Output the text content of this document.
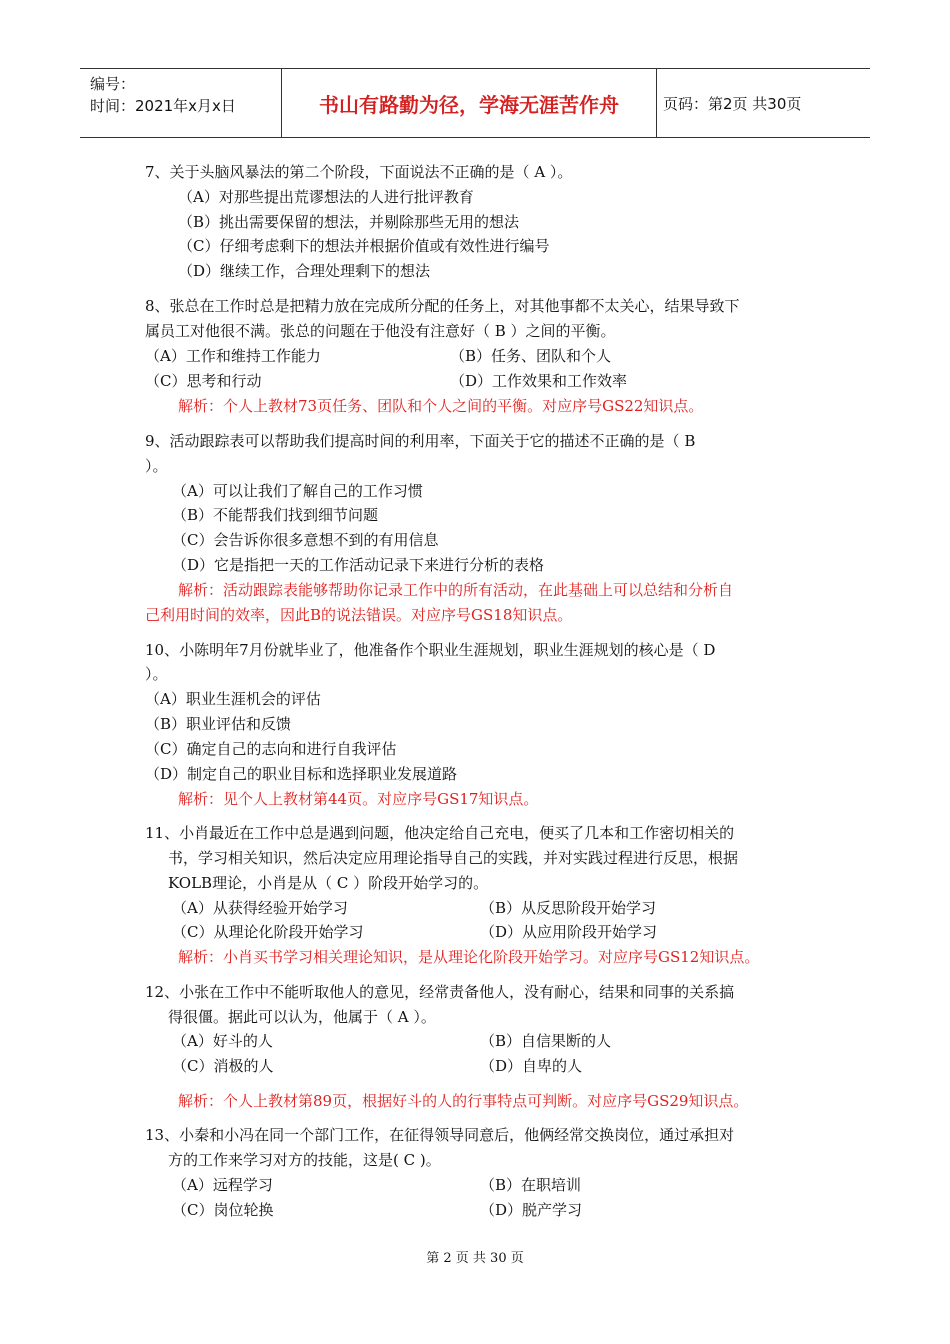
编号：
时间：2021年x月x日	书山有路勤为径，学海无涯苦作舟	页码：第2页 共30页
7、关于头脑风暴法的第二个阶段，下面说法不正确的是（ A ）。
（A）对那些提出荒谬想法的人进行批评教育
（B）挑出需要保留的想法，并剔除那些无用的想法
（C）仔细考虑剩下的想法并根据价值或有效性进行编号
（D）继续工作，合理处理剩下的想法
8、张总在工作时总是把精力放在完成所分配的任务上，对其他事都不太关心，结果导致下
属员工对他很不满。张总的问题在于他没有注意好（ B ）之间的平衡。
（A）工作和维持工作能力	（B）任务、团队和个人
（C）思考和行动	（D）工作效果和工作效率
解析：个人上教材73页任务、团队和个人之间的平衡。对应序号GS22知识点。
9、活动跟踪表可以帮助我们提高时间的利用率，下面关于它的描述不正确的是（ B
）。
（A）可以让我们了解自己的工作习惯
（B）不能帮我们找到细节问题
（C）会告诉你很多意想不到的有用信息
（D）它是指把一天的工作活动记录下来进行分析的表格
解析：活动跟踪表能够帮助你记录工作中的所有活动，在此基础上可以总结和分析自
己利用时间的效率，因此B的说法错误。对应序号GS18知识点。
10、小陈明年7月份就毕业了，他准备作个职业生涯规划，职业生涯规划的核心是（ D
）。
（A）职业生涯机会的评估
（B）职业评估和反馈
（C）确定自己的志向和进行自我评估
（D）制定自己的职业目标和选择职业发展道路
解析：见个人上教材第44页。对应序号GS17知识点。
11、小肖最近在工作中总是遇到问题，他决定给自己充电，便买了几本和工作密切相关的
书，学习相关知识，然后决定应用理论指导自己的实践，并对实践过程进行反思，根据
KOLB理论，小肖是从（ C ）阶段开始学习的。
（A）从获得经验开始学习	（B）从反思阶段开始学习
（C）从理论化阶段开始学习	（D）从应用阶段开始学习
解析：小肖买书学习相关理论知识，是从理论化阶段开始学习。对应序号GS12知识点。
12、小张在工作中不能听取他人的意见，经常责备他人，没有耐心，结果和同事的关系搞
得很僵。据此可以认为，他属于（ A ）。
（A）好斗的人	（B）自信果断的人
（C）消极的人	（D）自卑的人
解析：个人上教材第89页，根据好斗的人的行事特点可判断。对应序号GS29知识点。
13、小秦和小冯在同一个部门工作，在征得领导同意后，他俩经常交换岗位，通过承担对
方的工作来学习对方的技能，这是( C )。
（A）远程学习	（B）在职培训
（C）岗位轮换	（D）脱产学习
第 2 页 共 30 页
